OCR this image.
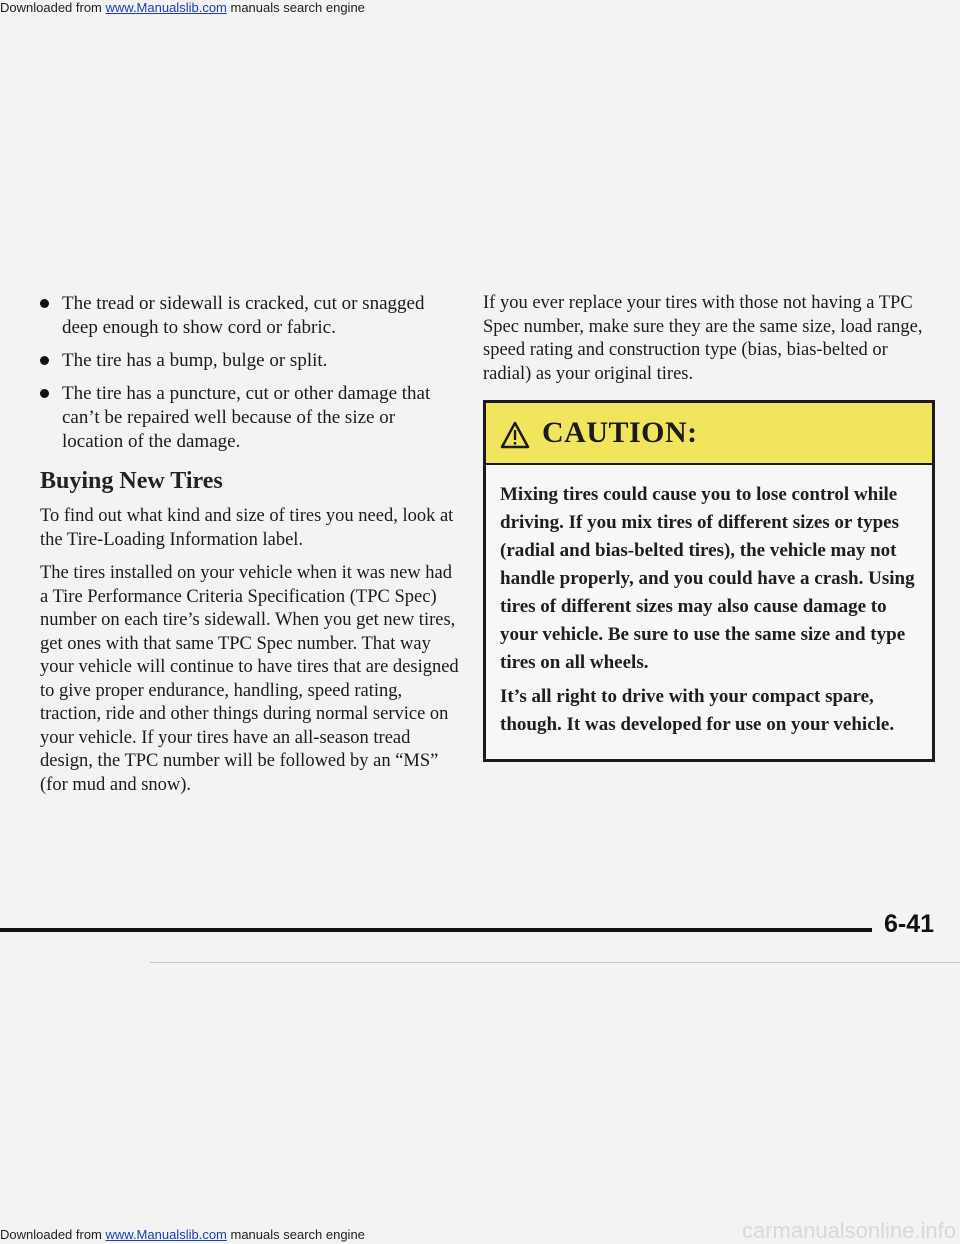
Downloaded from www.Manualslib.com manuals search engine
The tread or sidewall is cracked, cut or snagged deep enough to show cord or fabric.
The tire has a bump, bulge or split.
The tire has a puncture, cut or other damage that can’t be repaired well because of the size or location of the damage.
Buying New Tires

To find out what kind and size of tires you need, look at the Tire-Loading Information label.

The tires installed on your vehicle when it was new had a Tire Performance Criteria Specification (TPC Spec) number on each tire’s sidewall. When you get new tires, get ones with that same TPC Spec number. That way your vehicle will continue to have tires that are designed to give proper endurance, handling, speed rating, traction, ride and other things during normal service on your vehicle. If your tires have an all-season tread design, the TPC number will be followed by an “MS” (for mud and snow).

If you ever replace your tires with those not having a TPC Spec number, make sure they are the same size, load range, speed rating and construction type (bias, bias-belted or radial) as your original tires.

CAUTION:

Mixing tires could cause you to lose control while driving. If you mix tires of different sizes or types (radial and bias-belted tires), the vehicle may not handle properly, and you could have a crash. Using tires of different sizes may also cause damage to your vehicle. Be sure to use the same size and type tires on all wheels.

It’s all right to drive with your compact spare, though. It was developed for use on your vehicle.

6-41
Downloaded from www.Manualslib.com manuals search engine	carmanualsonline.info
